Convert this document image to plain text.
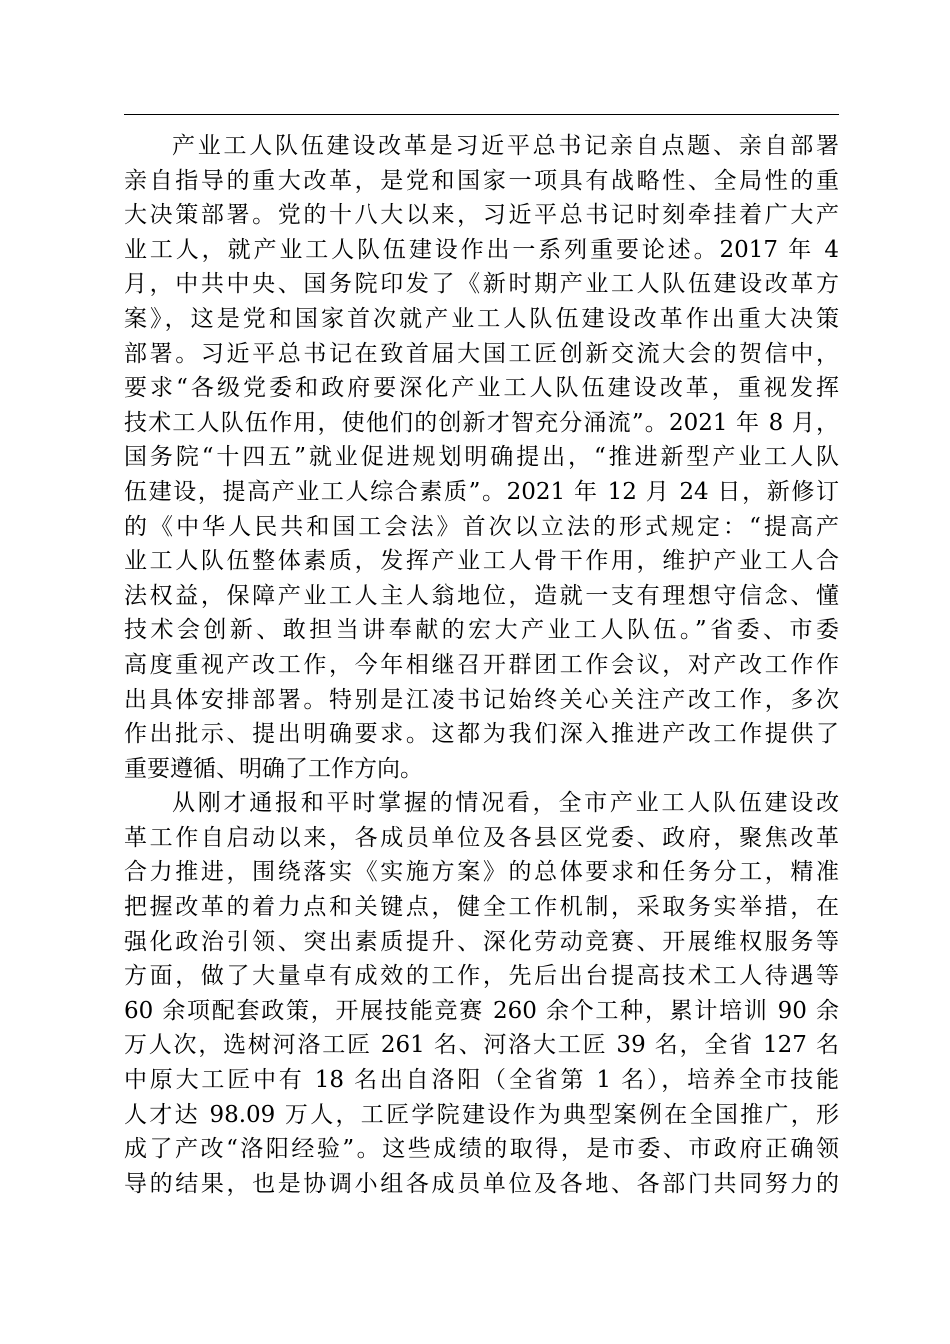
产业工人队伍建设改革是习近平总书记亲自点题、亲自部署
亲自指导的重大改革，是党和国家一项具有战略性、全局性的重
大决策部署。党的十八大以来，习近平总书记时刻牵挂着广大产
业工人，就产业工人队伍建设作出一系列重要论述。2017 年 4
月，中共中央、国务院印发了《新时期产业工人队伍建设改革方
案》，这是党和国家首次就产业工人队伍建设改革作出重大决策
部署。习近平总书记在致首届大国工匠创新交流大会的贺信中，
要求“各级党委和政府要深化产业工人队伍建设改革，重视发挥
技术工人队伍作用，使他们的创新才智充分涌流”。2021 年 8 月，
国务院“十四五”就业促进规划明确提出，“推进新型产业工人队
伍建设，提高产业工人综合素质”。2021 年 12 月 24 日，新修订
的《中华人民共和国工会法》首次以立法的形式规定：“提高产
业工人队伍整体素质，发挥产业工人骨干作用，维护产业工人合
法权益，保障产业工人主人翁地位，造就一支有理想守信念、懂
技术会创新、敢担当讲奉献的宏大产业工人队伍。”省委、市委
高度重视产改工作，今年相继召开群团工作会议，对产改工作作
出具体安排部署。特别是江凌书记始终关心关注产改工作，多次
作出批示、提出明确要求。这都为我们深入推进产改工作提供了
重要遵循、明确了工作方向。
从刚才通报和平时掌握的情况看，全市产业工人队伍建设改
革工作自启动以来，各成员单位及各县区党委、政府，聚焦改革
合力推进，围绕落实《实施方案》的总体要求和任务分工，精准
把握改革的着力点和关键点，健全工作机制，采取务实举措，在
强化政治引领、突出素质提升、深化劳动竞赛、开展维权服务等
方面，做了大量卓有成效的工作，先后出台提高技术工人待遇等
60 余项配套政策，开展技能竞赛 260 余个工种，累计培训 90 余
万人次，选树河洛工匠 261 名、河洛大工匠 39 名，全省 127 名
中原大工匠中有 18 名出自洛阳（全省第 1 名），培养全市技能
人才达 98.09 万人，工匠学院建设作为典型案例在全国推广，形
成了产改“洛阳经验”。这些成绩的取得，是市委、市政府正确领
导的结果，也是协调小组各成员单位及各地、各部门共同努力的
